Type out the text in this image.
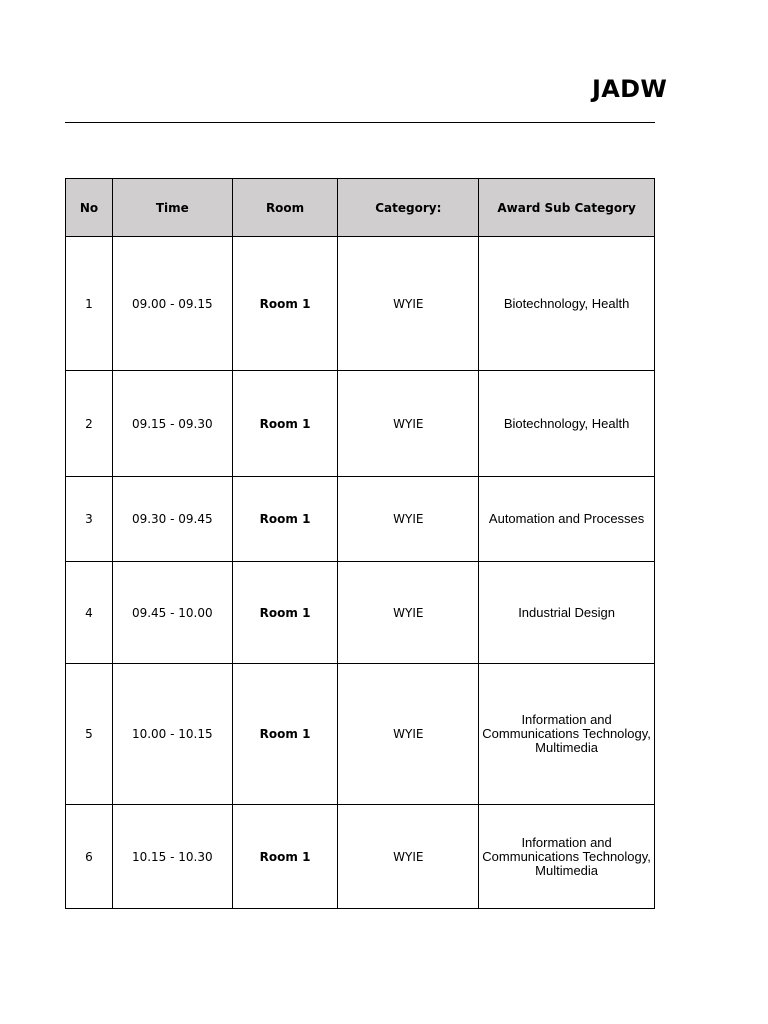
JADW
No	Time	Room	Category:	Award Sub Category
1	09.00 - 09.15	Room 1	WYIE	Biotechnology, Health
2	09.15 - 09.30	Room 1	WYIE	Biotechnology, Health
3	09.30 - 09.45	Room 1	WYIE	Automation and Processes
4	09.45 - 10.00	Room 1	WYIE	Industrial Design
5	10.00 - 10.15	Room 1	WYIE	Information and Communications Technology, Multimedia
6	10.15 - 10.30	Room 1	WYIE	Information and Communications Technology, Multimedia
